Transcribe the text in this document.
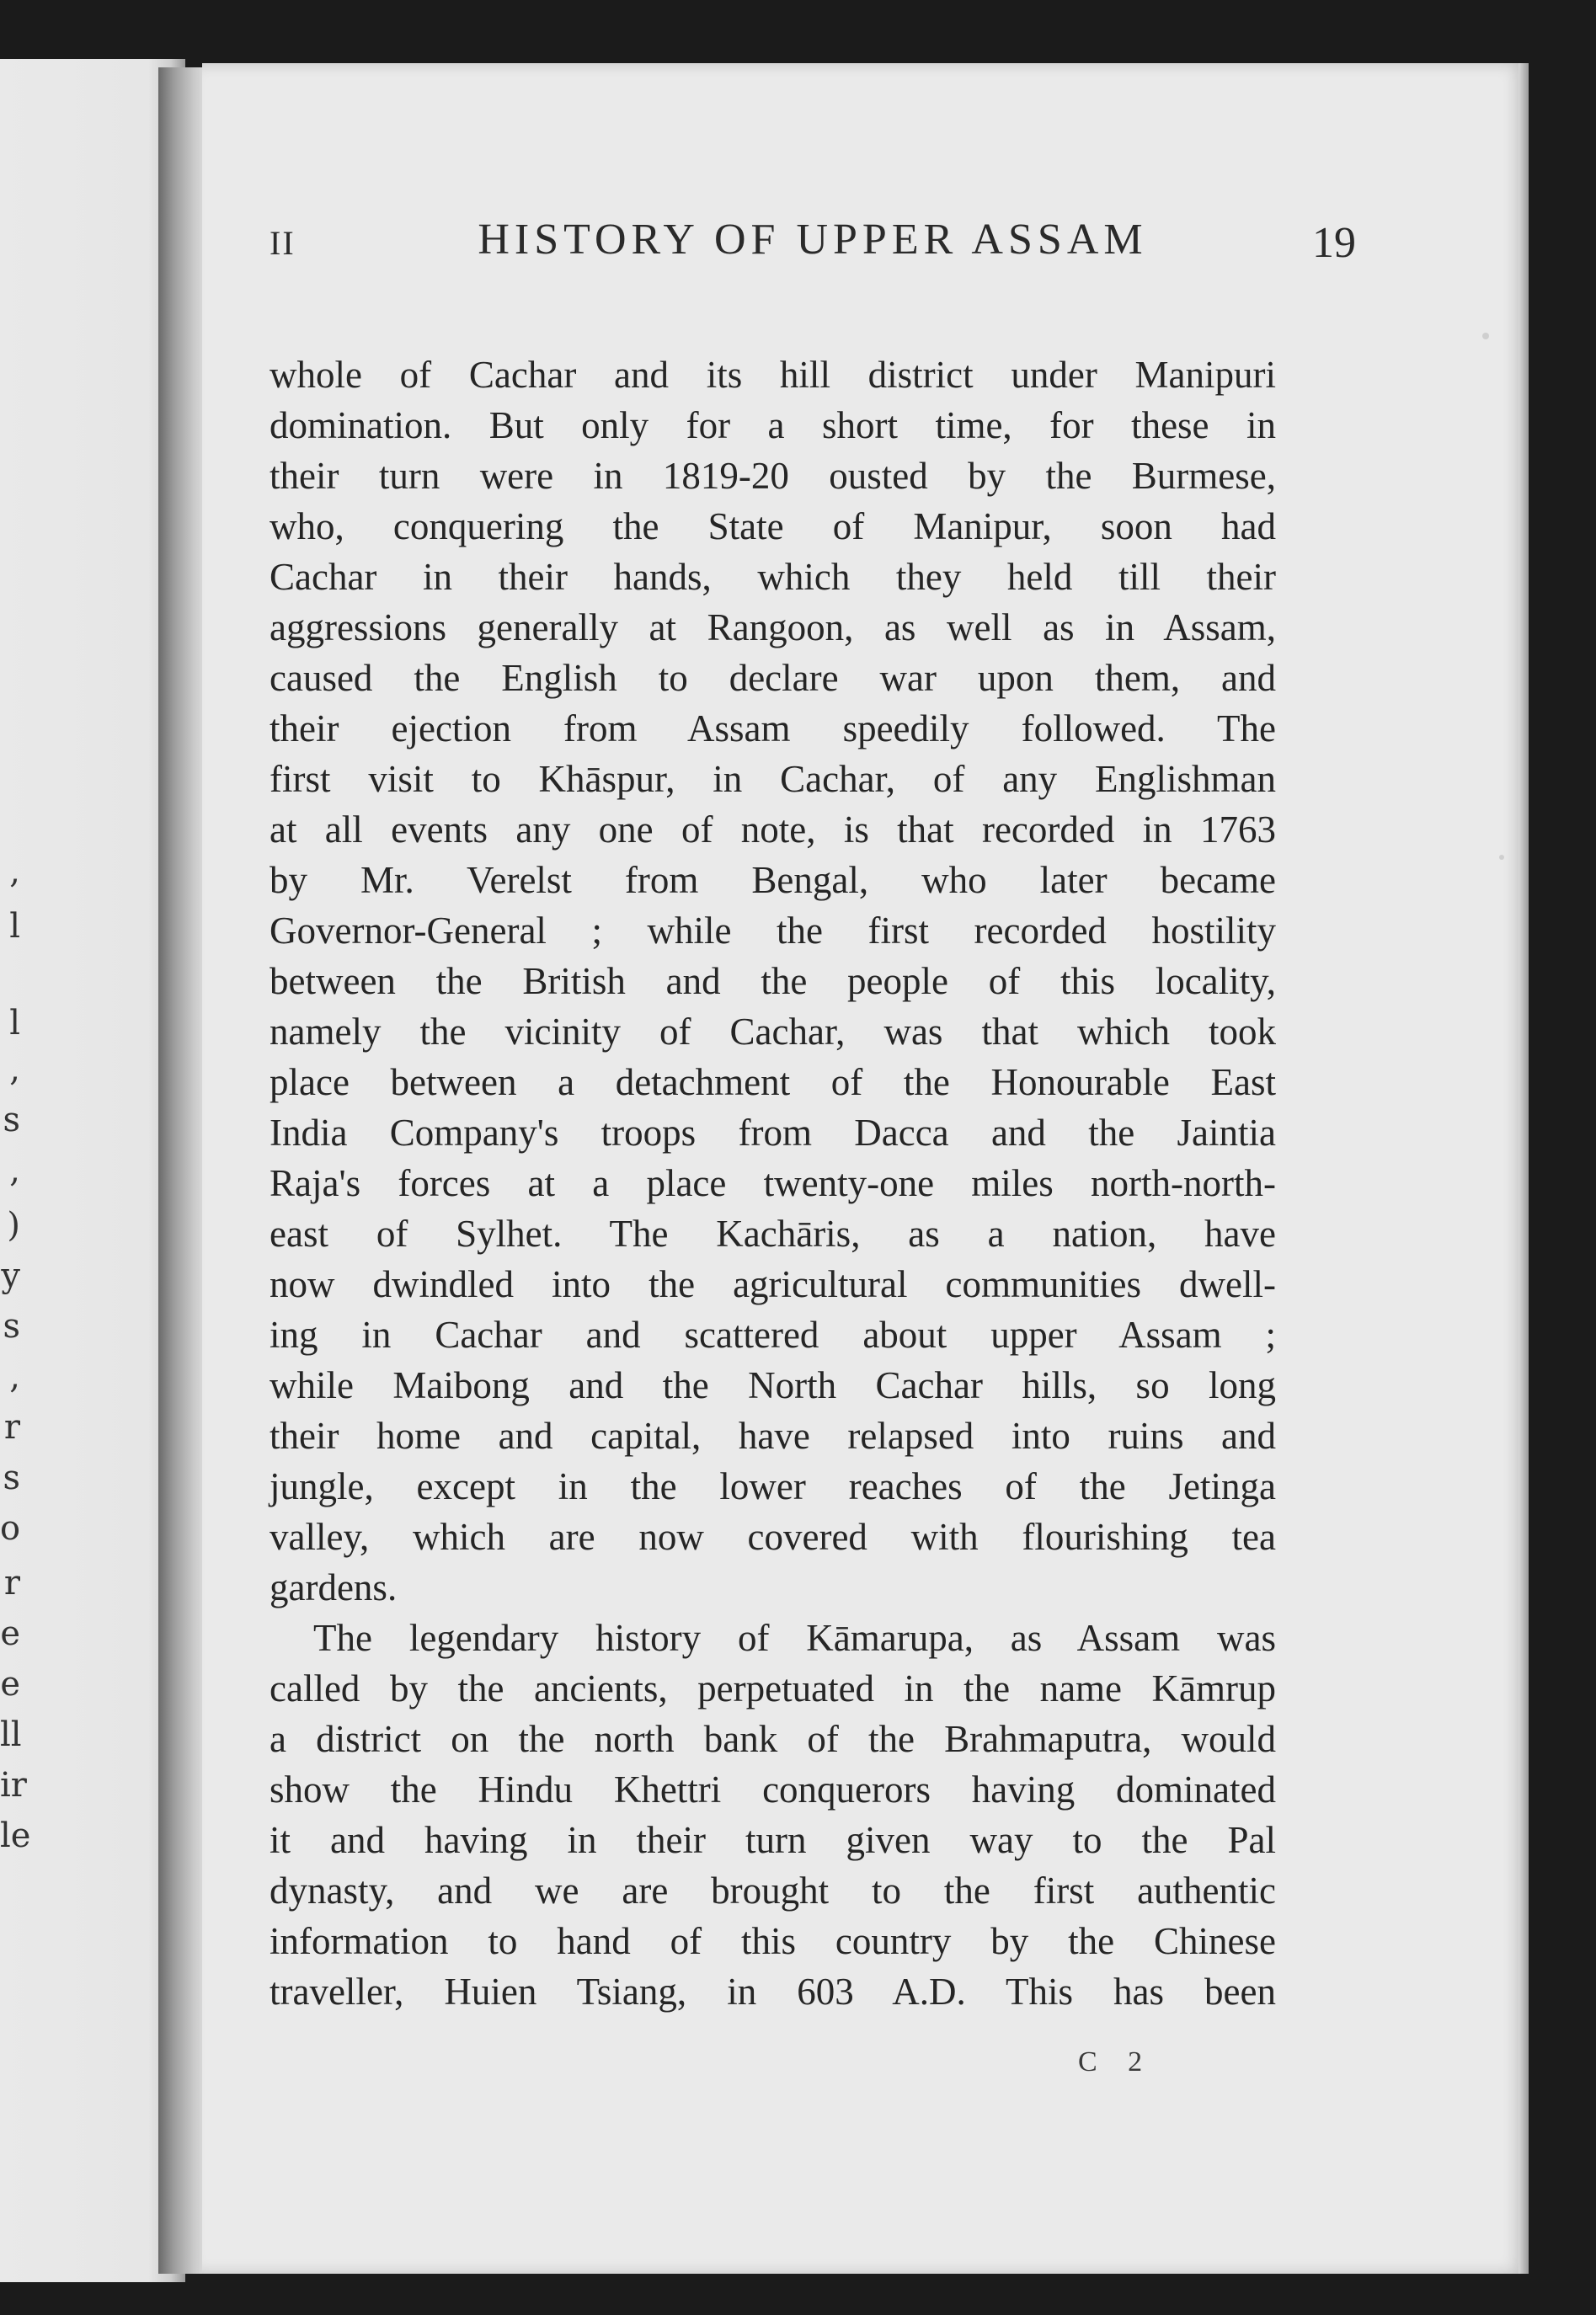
,
l
l
,
s
,
)
y
s
,
r
s
o
r
e
e
ll
ir
le
II	HISTORY OF UPPER ASSAM	19
whole of Cachar and its hill district under Manipuri
domination. But only for a short time, for these in
their turn were in 1819-20 ousted by the Burmese,
who, conquering the State of Manipur, soon had
Cachar in their hands, which they held till their
aggressions generally at Rangoon, as well as in Assam,
caused the English to declare war upon them, and
their ejection from Assam speedily followed. The
first visit to Khāspur, in Cachar, of any Englishman
at all events any one of note, is that recorded in 1763
by Mr. Verelst from Bengal, who later became
Governor-General ; while the first recorded hostility
between the British and the people of this locality,
namely the vicinity of Cachar, was that which took
place between a detachment of the Honourable East
India Company's troops from Dacca and the Jaintia
Raja's forces at a place twenty-one miles north-north-
east of Sylhet. The Kachāris, as a nation, have
now dwindled into the agricultural communities dwell-
ing in Cachar and scattered about upper Assam ;
while Maibong and the North Cachar hills, so long
their home and capital, have relapsed into ruins and
jungle, except in the lower reaches of the Jetinga
valley, which are now covered with flourishing tea
gardens.
The legendary history of Kāmarupa, as Assam was
called by the ancients, perpetuated in the name Kāmrup
a district on the north bank of the Brahmaputra, would
show the Hindu Khettri conquerors having dominated
it and having in their turn given way to the Pal
dynasty, and we are brought to the first authentic
information to hand of this country by the Chinese
traveller, Huien Tsiang, in 603 A.D. This has been
C 2
